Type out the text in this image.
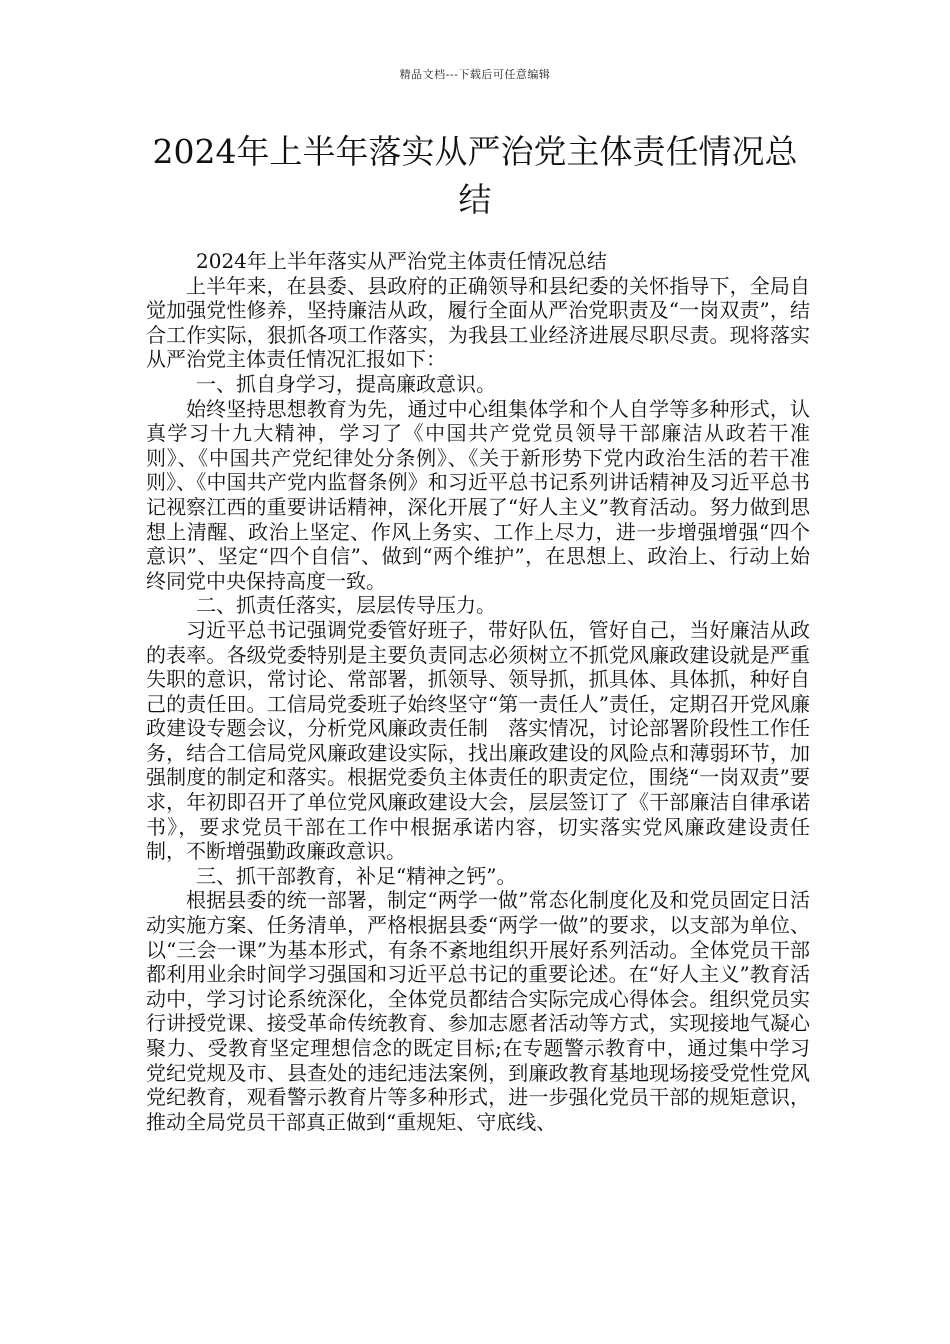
精品文档---下载后可任意编辑
2024年上半年落实从严治党主体责任情况总结

2024年上半年落实从严治党主体责任情况总结

上半年来，在县委、县政府的正确领导和县纪委的关怀指导下，全局自觉加强党性修养，坚持廉洁从政，履行全面从严治党职责及“一岗双责”，结合工作实际，狠抓各项工作落实，为我县工业经济进展尽职尽责。现将落实从严治党主体责任情况汇报如下：

一、抓自身学习，提高廉政意识。

始终坚持思想教育为先，通过中心组集体学和个人自学等多种形式，认真学习十九大精神，学习了《中国共产党党员领导干部廉洁从政若干准则》、《中国共产党纪律处分条例》、《关于新形势下党内政治生活的若干准则》、《中国共产党内监督条例》和习近平总书记系列讲话精神及习近平总书记视察江西的重要讲话精神，深化开展了“好人主义”教育活动。努力做到思想上清醒、政治上坚定、作风上务实、工作上尽力，进一步增强增强“四个意识”、坚定“四个自信”、做到“两个维护”，在思想上、政治上、行动上始终同党中央保持高度一致。

二、抓责任落实，层层传导压力。

习近平总书记强调党委管好班子，带好队伍，管好自己，当好廉洁从政的表率。各级党委特别是主要负责同志必须树立不抓党风廉政建设就是严重失职的意识，常讨论、常部署，抓领导、领导抓，抓具体、具体抓，种好自己的责任田。工信局党委班子始终坚守“第一责任人”责任，定期召开党风廉政建设专题会议，分析党风廉政责任制　落实情况，讨论部署阶段性工作任务，结合工信局党风廉政建设实际，找出廉政建设的风险点和薄弱环节，加强制度的制定和落实。根据党委负主体责任的职责定位，围绕“一岗双责”要求，年初即召开了单位党风廉政建设大会，层层签订了《干部廉洁自律承诺书》，要求党员干部在工作中根据承诺内容，切实落实党风廉政建设责任制，不断增强勤政廉政意识。

三、抓干部教育，补足“精神之钙”。

根据县委的统一部署，制定“两学一做”常态化制度化及和党员固定日活动实施方案、任务清单，严格根据县委“两学一做”的要求，以支部为单位、以“三会一课”为基本形式，有条不紊地组织开展好系列活动。全体党员干部都利用业余时间学习强国和习近平总书记的重要论述。在“好人主义”教育活动中，学习讨论系统深化，全体党员都结合实际完成心得体会。组织党员实行讲授党课、接受革命传统教育、参加志愿者活动等方式，实现接地气凝心聚力、受教育坚定理想信念的既定目标;在专题警示教育中，通过集中学习党纪党规及市、县查处的违纪违法案例，到廉政教育基地现场接受党性党风党纪教育，观看警示教育片等多种形式，进一步强化党员干部的规矩意识，推动全局党员干部真正做到“重规矩、守底线、
